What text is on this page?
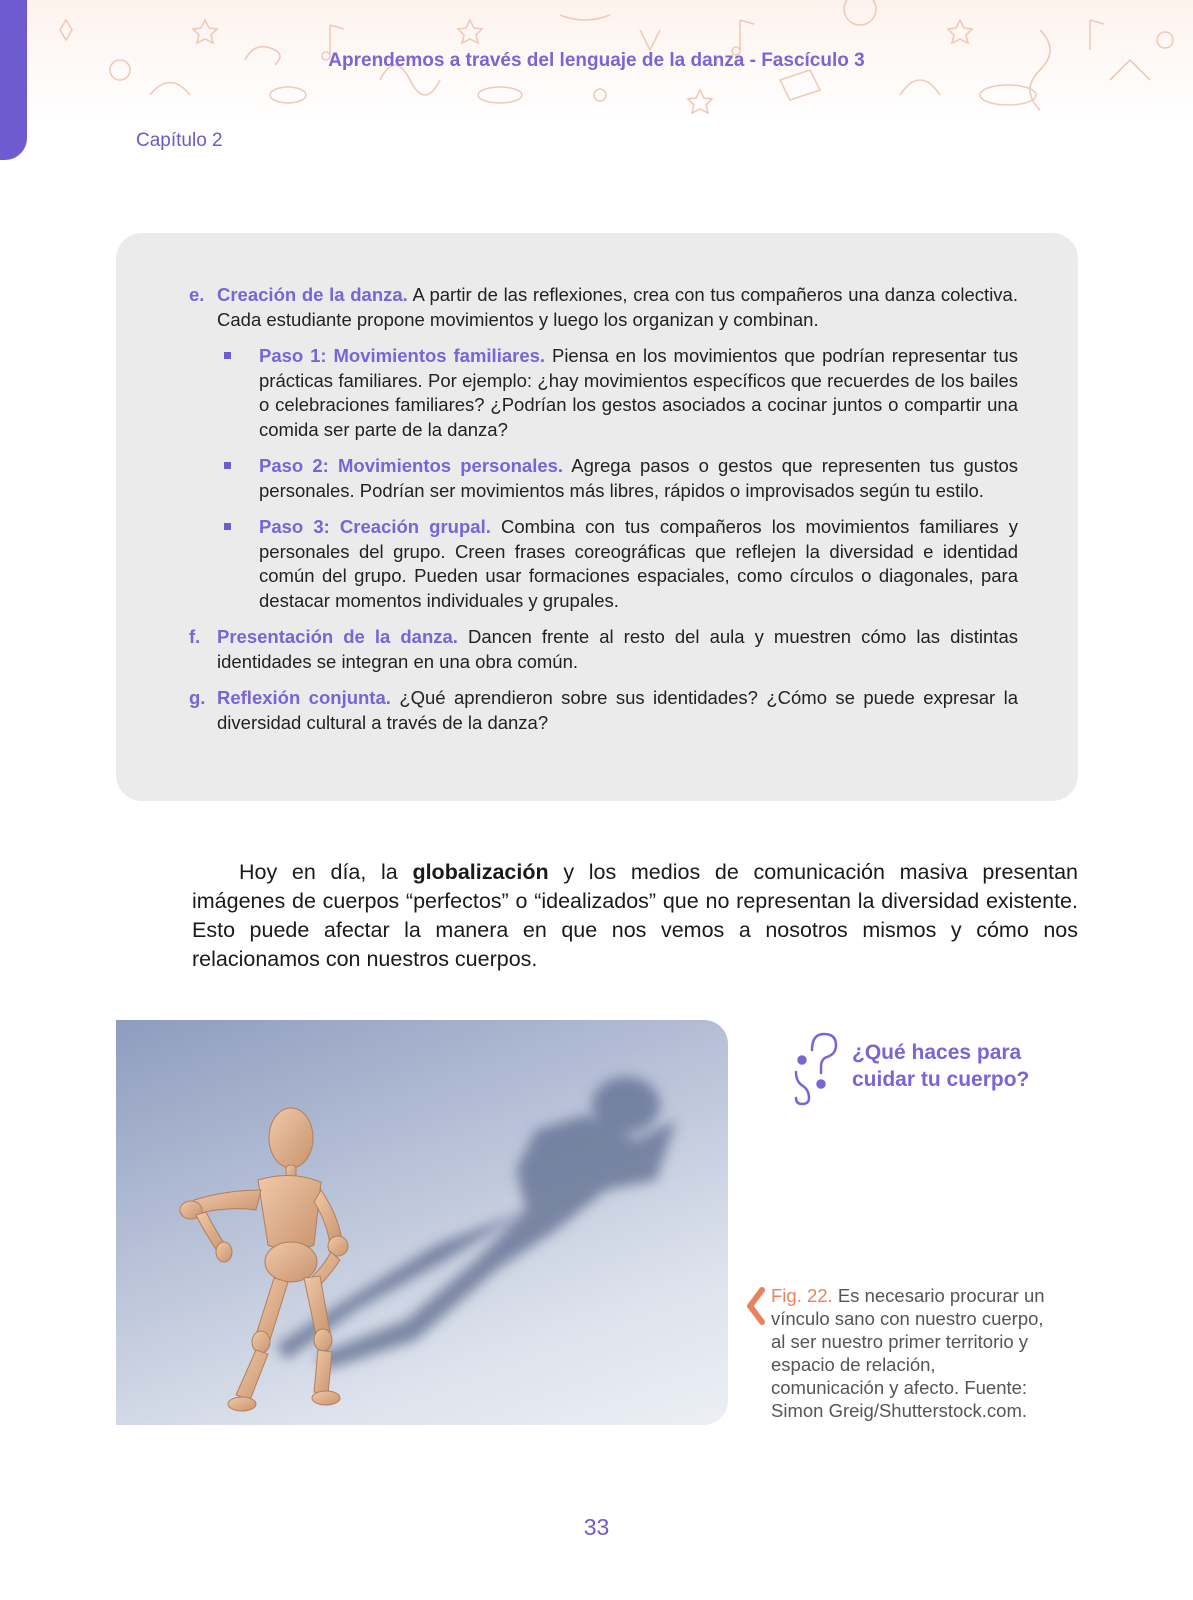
Aprendemos a través del lenguaje de la danza - Fascículo 3
Capítulo 2
e. Creación de la danza. A partir de las reflexiones, crea con tus compañeros una danza colectiva. Cada estudiante propone movimientos y luego los organizan y combinan.
Paso 1: Movimientos familiares. Piensa en los movimientos que podrían representar tus prácticas familiares. Por ejemplo: ¿hay movimientos específicos que recuerdes de los bailes o celebraciones familiares? ¿Podrían los gestos asociados a cocinar juntos o compartir una comida ser parte de la danza?
Paso 2: Movimientos personales. Agrega pasos o gestos que representen tus gustos personales. Podrían ser movimientos más libres, rápidos o improvisados según tu estilo.
Paso 3: Creación grupal. Combina con tus compañeros los movimientos familiares y personales del grupo. Creen frases coreográficas que reflejen la diversidad e identidad común del grupo. Pueden usar formaciones espaciales, como círculos o diagonales, para destacar momentos individuales y grupales.
f. Presentación de la danza. Dancen frente al resto del aula y muestren cómo las distintas identidades se integran en una obra común.
g. Reflexión conjunta. ¿Qué aprendieron sobre sus identidades? ¿Cómo se puede expresar la diversidad cultural a través de la danza?

Hoy en día, la globalización y los medios de comunicación masiva presentan imágenes de cuerpos “perfectos” o “idealizados” que no representan la diversidad existente. Esto puede afectar la manera en que nos vemos a nosotros mismos y cómo nos relacionamos con nuestros cuerpos.

¿Qué haces para cuidar tu cuerpo?
Fig. 22. Es necesario procurar un vínculo sano con nuestro cuerpo, al ser nuestro primer territorio y espacio de relación, comunicación y afecto. Fuente: Simon Greig/Shutterstock.com.
33
